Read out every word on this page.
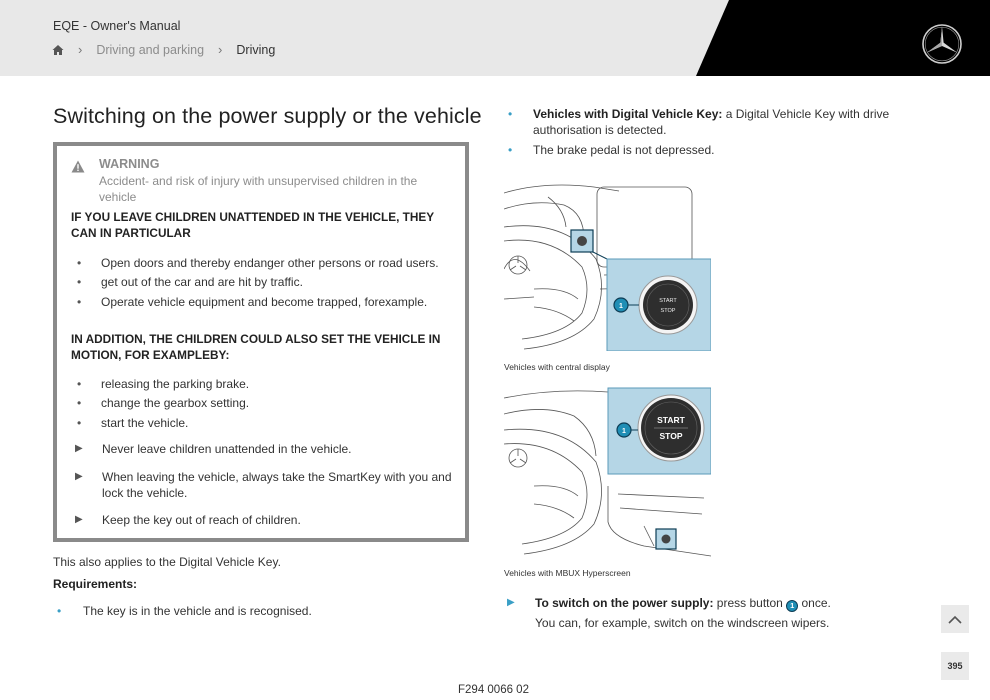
EQE - Owner's Manual
› Driving and parking › Driving
Switching on the power supply or the vehicle
WARNING
Accident- and risk of injury with unsupervised children in the vehicle
IF YOU LEAVE CHILDREN UNATTENDED IN THE VEHICLE, THEY CAN IN PARTICULAR
• Open doors and thereby endanger other persons or road users.
• get out of the car and are hit by traffic.
• Operate vehicle equipment and become trapped, forexample.
IN ADDITION, THE CHILDREN COULD ALSO SET THE VEHICLE IN MOTION, FOR EXAMPLEBY:
• releasing the parking brake.
• change the gearbox setting.
• start the vehicle.
▶ Never leave children unattended in the vehicle.
▶ When leaving the vehicle, always take the SmartKey with you and lock the vehicle.
▶ Keep the key out of reach of children.
This also applies to the Digital Vehicle Key.
Requirements:
• The key is in the vehicle and is recognised.
• Vehicles with Digital Vehicle Key: a Digital Vehicle Key with drive authorisation is detected.
• The brake pedal is not depressed.
START
STOP
1
Vehicles with central display
START
STOP
1
Vehicles with MBUX Hyperscreen
▶	To switch on the power supply: press button 1 once.
You can, for example, switch on the windscreen wipers.
F294 0066 02
395
